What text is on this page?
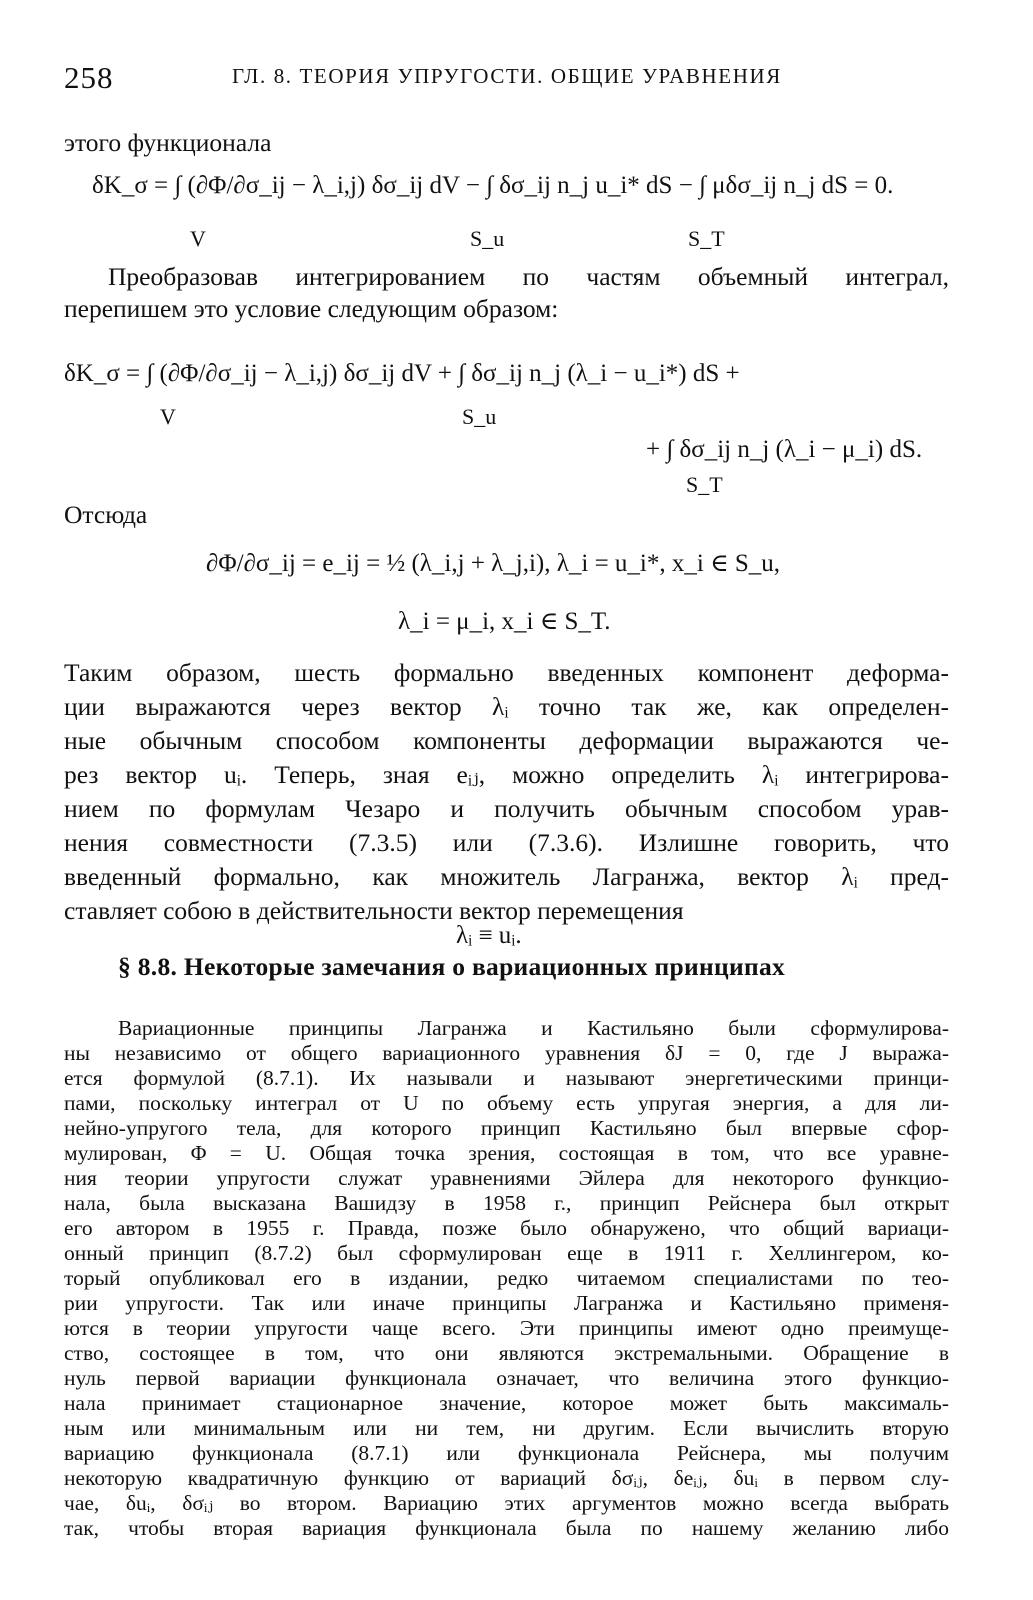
258	ГЛ. 8. ТЕОРИЯ УПРУГОСТИ. ОБЩИЕ УРАВНЕНИЯ
этого функционала
δK_σ = ∫ (∂Φ/∂σ_ij − λ_i,j) δσ_ij dV − ∫ δσ_ij n_j u_i* dS − ∫ μδσ_ij n_j dS = 0.
V	S_u	S_T
Преобразовав интегрированием по частям объемный интеграл,
перепишем это условие следующим образом:
δK_σ = ∫ (∂Φ/∂σ_ij − λ_i,j) δσ_ij dV + ∫ δσ_ij n_j (λ_i − u_i*) dS +
V	S_u
+ ∫ δσ_ij n_j (λ_i − μ_i) dS.
S_T
Отсюда
∂Φ/∂σ_ij = e_ij = ½ (λ_i,j + λ_j,i), λ_i = u_i*, x_i ∈ S_u,
λ_i = μ_i, x_i ∈ S_T.
Таким образом, шесть формально введенных компонент деформа-
ции выражаются через вектор λᵢ точно так же, как определен-
ные обычным способом компоненты деформации выражаются че-
рез вектор uᵢ. Теперь, зная eᵢⱼ, можно определить λᵢ интегрирова-
нием по формулам Чезаро и получить обычным способом урав-
нения совместности (7.3.5) или (7.3.6). Излишне говорить, что
введенный формально, как множитель Лагранжа, вектор λᵢ пред-
ставляет собою в действительности вектор перемещения
λᵢ ≡ uᵢ.
§ 8.8. Некоторые замечания о вариационных принципах
Вариационные принципы Лагранжа и Кастильяно были сформулирова-
ны независимо от общего вариационного уравнения δJ = 0, где J выража-
ется формулой (8.7.1). Их называли и называют энергетическими принци-
пами, поскольку интеграл от U по объему есть упругая энергия, а для ли-
нейно-упругого тела, для которого принцип Кастильяно был впервые сфор-
мулирован, Φ = U. Общая точка зрения, состоящая в том, что все уравне-
ния теории упругости служат уравнениями Эйлера для некоторого функцио-
нала, была высказана Вашидзу в 1958 г., принцип Рейснера был открыт
его автором в 1955 г. Правда, позже было обнаружено, что общий вариаци-
онный принцип (8.7.2) был сформулирован еще в 1911 г. Хеллингером, ко-
торый опубликовал его в издании, редко читаемом специалистами по тео-
рии упругости. Так или иначе принципы Лагранжа и Кастильяно применя-
ются в теории упругости чаще всего. Эти принципы имеют одно преимуще-
ство, состоящее в том, что они являются экстремальными. Обращение в
нуль первой вариации функционала означает, что величина этого функцио-
нала принимает стационарное значение, которое может быть максималь-
ным или минимальным или ни тем, ни другим. Если вычислить вторую
вариацию функционала (8.7.1) или функционала Рейснера, мы получим
некоторую квадратичную функцию от вариаций δσᵢⱼ, δeᵢⱼ, δuᵢ в первом слу-
чае, δuᵢ, δσᵢⱼ во втором. Вариацию этих аргументов можно всегда выбрать
так, чтобы вторая вариация функционала была по нашему желанию либо
